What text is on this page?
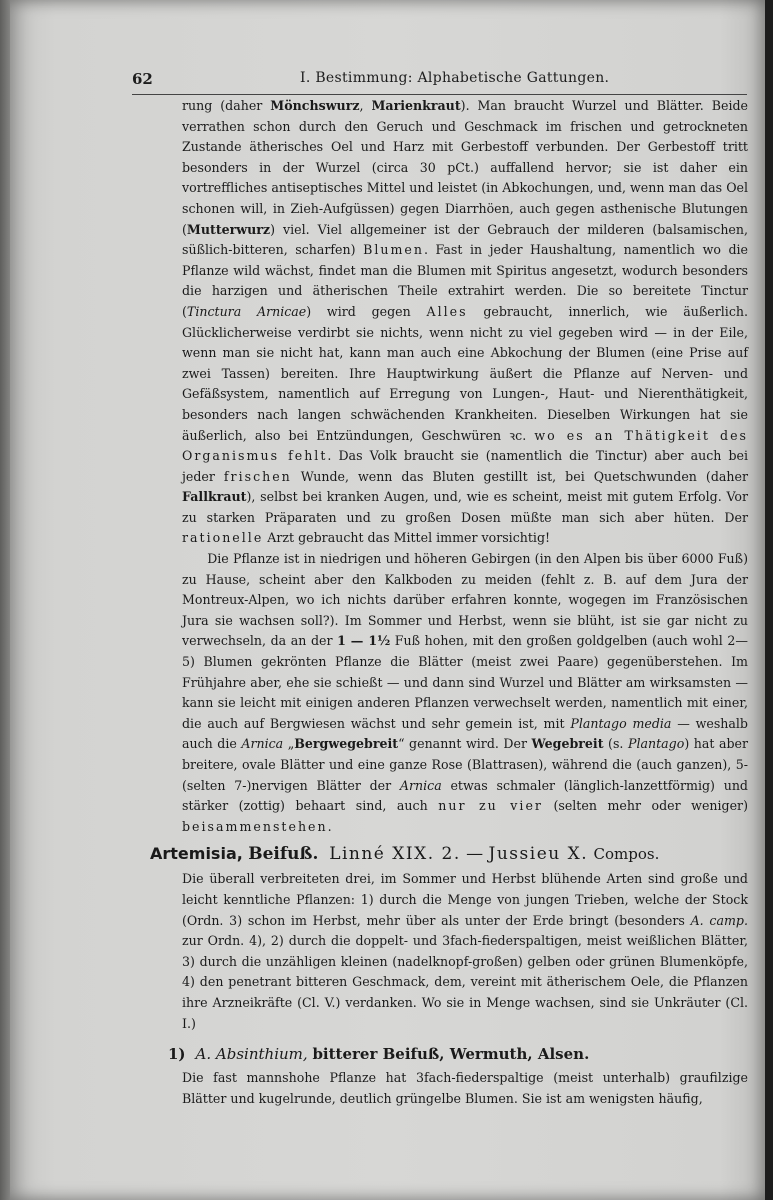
62	I. Bestimmung: Alphabetische Gattungen.

rung (daher Mönchswurz, Marienkraut). Man braucht Wurzel und Blätter. Beide verrathen schon durch den Geruch und Geschmack im frischen und getrockneten Zustande ätherisches Oel und Harz mit Gerbestoff verbunden. Der Gerbestoff tritt besonders in der Wurzel (circa 30 pCt.) auffallend hervor; sie ist daher ein vortreffliches antiseptisches Mittel und leistet (in Abkochungen, und, wenn man das Oel schonen will, in Zieh-Aufgüssen) gegen Diarrhöen, auch gegen asthenische Blutungen (Mutterwurz) viel. Viel allgemeiner ist der Gebrauch der milderen (balsamischen, süßlich-bitteren, scharfen) Blumen. Fast in jeder Haushaltung, namentlich wo die Pflanze wild wächst, findet man die Blumen mit Spiritus angesetzt, wodurch besonders die harzigen und ätherischen Theile extrahirt werden. Die so bereitete Tinctur (Tinctura Arnicae) wird gegen Alles gebraucht, innerlich, wie äußerlich. Glücklicherweise verdirbt sie nichts, wenn nicht zu viel gegeben wird — in der Eile, wenn man sie nicht hat, kann man auch eine Abkochung der Blumen (eine Prise auf zwei Tassen) bereiten. Ihre Hauptwirkung äußert die Pflanze auf Nerven- und Gefäßsystem, namentlich auf Erregung von Lungen-, Haut- und Nierenthätigkeit, besonders nach langen schwächenden Krankheiten. Dieselben Wirkungen hat sie äußerlich, also bei Entzündungen, Geschwüren ꝛc. wo es an Thätigkeit des Organismus fehlt. Das Volk braucht sie (namentlich die Tinctur) aber auch bei jeder frischen Wunde, wenn das Bluten gestillt ist, bei Quetschwunden (daher Fallkraut), selbst bei kranken Augen, und, wie es scheint, meist mit gutem Erfolg. Vor zu starken Präparaten und zu großen Dosen müßte man sich aber hüten. Der rationelle Arzt gebraucht das Mittel immer vorsichtig!

Die Pflanze ist in niedrigen und höheren Gebirgen (in den Alpen bis über 6000 Fuß) zu Hause, scheint aber den Kalkboden zu meiden (fehlt z. B. auf dem Jura der Montreux-Alpen, wo ich nichts darüber erfahren konnte, wogegen im Französischen Jura sie wachsen soll?). Im Sommer und Herbst, wenn sie blüht, ist sie gar nicht zu verwechseln, da an der 1 — 1½ Fuß hohen, mit den großen goldgelben (auch wohl 2—5) Blumen gekrönten Pflanze die Blätter (meist zwei Paare) gegenüberstehen. Im Frühjahre aber, ehe sie schießt — und dann sind Wurzel und Blätter am wirksamsten — kann sie leicht mit einigen anderen Pflanzen verwechselt werden, namentlich mit einer, die auch auf Bergwiesen wächst und sehr gemein ist, mit Plantago media — weshalb auch die Arnica „Bergwegebreit“ genannt wird. Der Wegebreit (s. Plantago) hat aber breitere, ovale Blätter und eine ganze Rose (Blattrasen), während die (auch ganzen), 5- (selten 7-)nervigen Blätter der Arnica etwas schmaler (länglich-lanzettförmig) und stärker (zottig) behaart sind, auch nur zu vier (selten mehr oder weniger) beisammenstehen.

Artemisia, Beifuß. Linné XIX. 2. — Jussieu X. Compos.

Die überall verbreiteten drei, im Sommer und Herbst blühende Arten sind große und leicht kenntliche Pflanzen: 1) durch die Menge von jungen Trieben, welche der Stock (Ordn. 3) schon im Herbst, mehr über als unter der Erde bringt (besonders A. camp. zur Ordn. 4), 2) durch die doppelt- und 3fach-fiederspaltigen, meist weißlichen Blätter, 3) durch die unzähligen kleinen (nadelknopf-großen) gelben oder grünen Blumenköpfe, 4) den penetrant bitteren Geschmack, dem, vereint mit ätherischem Oele, die Pflanzen ihre Arzneikräfte (Cl. V.) verdanken. Wo sie in Menge wachsen, sind sie Unkräuter (Cl. I.)

1) A. Absinthium, bitterer Beifuß, Wermuth, Alsen.

Die fast mannshohe Pflanze hat 3fach-fiederspaltige (meist unterhalb) graufilzige Blätter und kugelrunde, deutlich grüngelbe Blumen. Sie ist am wenigsten häufig,
